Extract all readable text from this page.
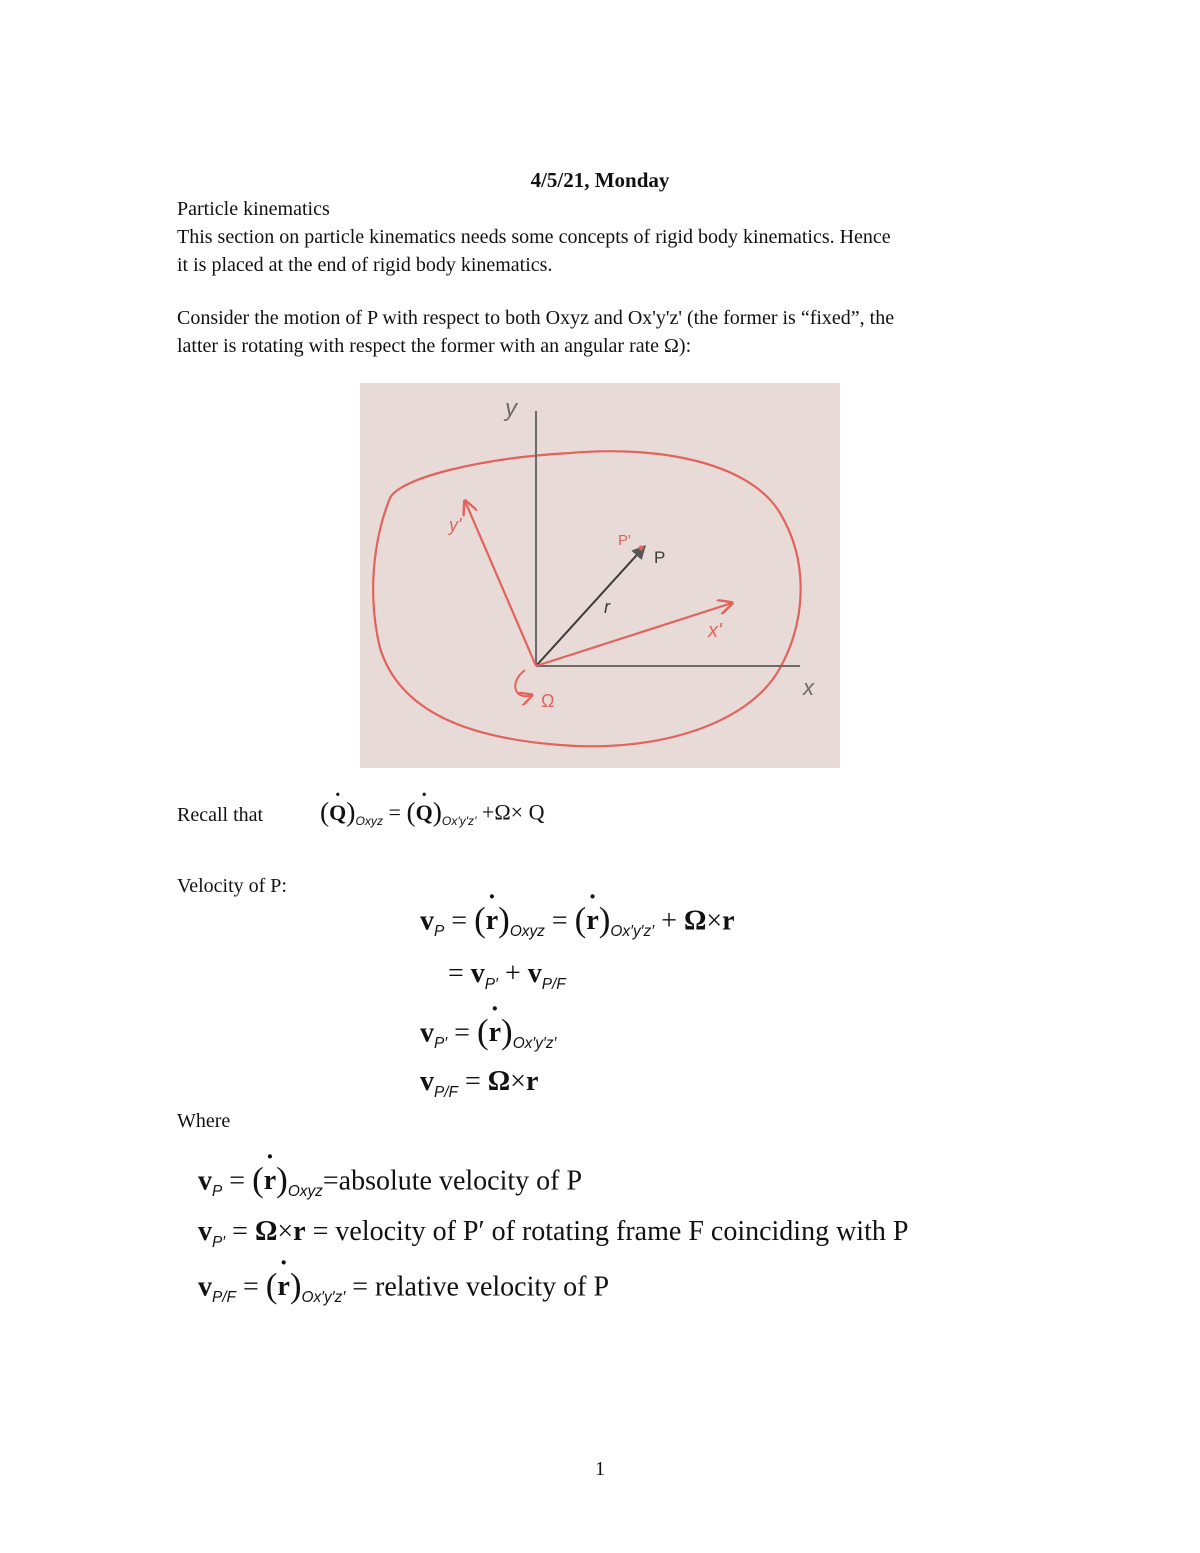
4/5/21, Monday
Particle kinematics
This section on particle kinematics needs some concepts of rigid body kinematics. Hence
it is placed at the end of rigid body kinematics.
Consider the motion of P with respect to both Oxyz and Ox'y'z' (the former is “fixed”, the
latter is rotating with respect the former with an angular rate Ω):
y
x
y'
x'
P'
P
r
Ω
Recall that	(˙ $Q)_{Oxyz}$ = (˙ $Q)_{Ox'y'z'} +\Omega\times Q$
Velocity of P:
$v_P$ = (˙ $r)_{Oxyz}$ = (˙ $r)_{Ox'y'z'} + \Omega\times r$
= $v_{P'} + v_{P/F}$
$v_{P'}$ = (˙ $r)_{Ox'y'z'}$
$v_{P/F} = \Omega\times r$
Where
$v_P$ = (˙ $r)_{Oxyz}=absolute$ velocity of P
$v_{P'} = \Omega\times r$ = velocity of P′ of rotating frame F coinciding with P
$v_{P/F}$ = (˙ $r)_{Ox'y'z'}$ = relative velocity of P
1
